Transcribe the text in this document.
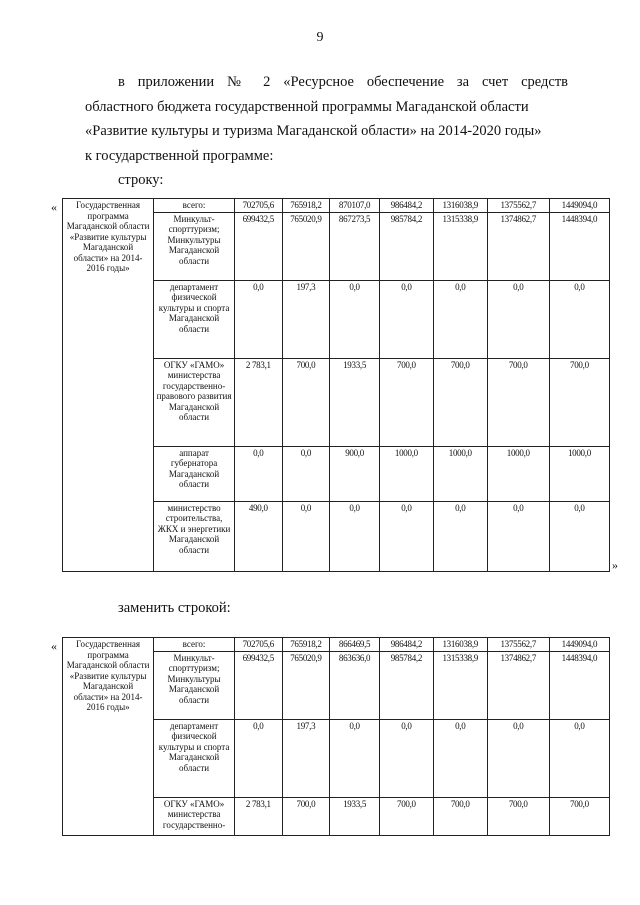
9
в приложении № 2 «Ресурсное обеспечение за счет средств
областного бюджета государственной программы Магаданской области
«Развитие культуры и туризма Магаданской области» на 2014-2020 годы»
к государственной программе:
строку:
« Государственная программа Магаданской области «Развитие культуры Магаданской области» на 2014-2016 годы»	всего:	702705,6	765918,2	870107,0	986484,2	1316038,9	1375562,7	1449094,0
	Минкульт-спорттуризм; Минкультуры Магаданской области	699432,5	765020,9	867273,5	985784,2	1315338,9	1374862,7	1448394,0
	департамент физической культуры и спорта Магаданской области	0,0	197,3	0,0	0,0	0,0	0,0	0,0
	ОГКУ «ГАМО» министерства государственно-правового развития Магаданской области	2 783,1	700,0	1933,5	700,0	700,0	700,0	700,0
	аппарат губернатора Магаданской области	0,0	0,0	900,0	1000,0	1000,0	1000,0	1000,0
	министерство строительства, ЖКХ и энергетики Магаданской области	490,0	0,0	0,0	0,0	0,0	0,0	0,0
»
заменить строкой:
« Государственная программа Магаданской области «Развитие культуры Магаданской области» на 2014-2016 годы»	всего:	702705,6	765918,2	866469,5	986484,2	1316038,9	1375562,7	1449094,0
	Минкульт-спорттуризм; Минкультуры Магаданской области	699432,5	765020,9	863636,0	985784,2	1315338,9	1374862,7	1448394,0
	департамент физической культуры и спорта Магаданской области	0,0	197,3	0,0	0,0	0,0	0,0	0,0
	ОГКУ «ГАМО» министерства государственно-	2 783,1	700,0	1933,5	700,0	700,0	700,0	700,0
